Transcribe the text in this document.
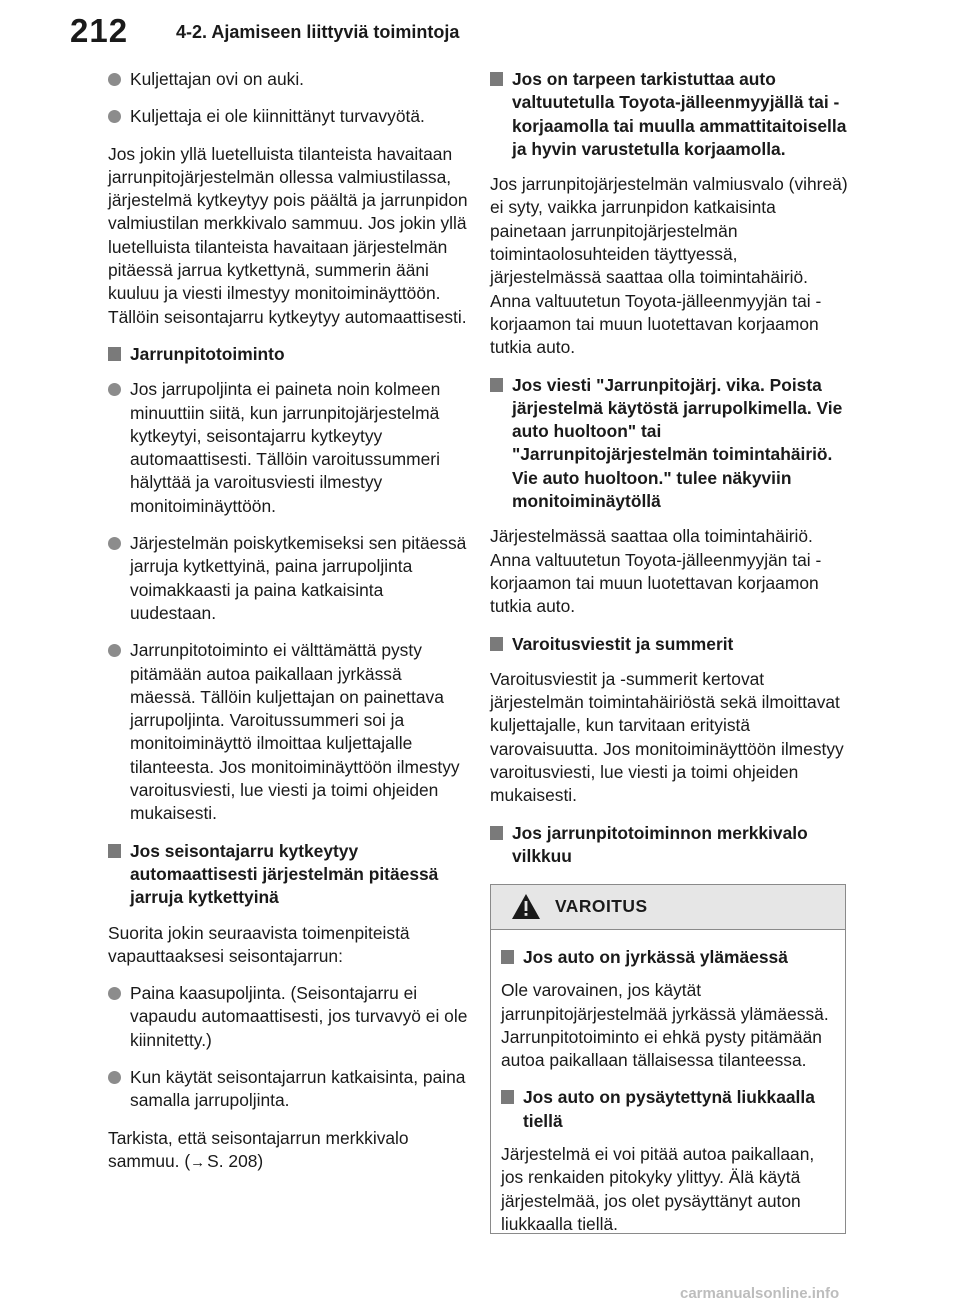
212	4-2. Ajamiseen liittyviä toimintoja
Kuljettajan ovi on auki.
Kuljettaja ei ole kiinnittänyt turvavyötä.
Jos jokin yllä luetelluista tilanteista havaitaan jarrunpitojärjestelmän ollessa valmiustilassa, järjestelmä kytkeytyy pois päältä ja jarrunpidon valmiustilan merkkivalo sammuu. Jos jokin yllä luetelluista tilanteista havaitaan järjestelmän pitäessä jarrua kytkettynä, summerin ääni kuuluu ja viesti ilmestyy monitoiminäyttöön. Tällöin seisontajarru kytkeytyy automaattisesti.
Jarrunpitotoiminto
Jos jarrupoljinta ei paineta noin kolmeen minuuttiin siitä, kun jarrunpitojärjestelmä kytkeytyi, seisontajarru kytkeytyy automaattisesti. Tällöin varoitussummeri hälyttää ja varoitusviesti ilmestyy monitoiminäyttöön.
Järjestelmän poiskytkemiseksi sen pitäessä jarruja kytkettyinä, paina jarrupoljinta voimakkaasti ja paina katkaisinta uudestaan.
Jarrunpitotoiminto ei välttämättä pysty pitämään autoa paikallaan jyrkässä mäessä. Tällöin kuljettajan on painettava jarrupoljinta. Varoitussummeri soi ja monitoiminäyttö ilmoittaa kuljettajalle tilanteesta. Jos monitoiminäyttöön ilmestyy varoitusviesti, lue viesti ja toimi ohjeiden mukaisesti.
Jos seisontajarru kytkeytyy automaattisesti järjestelmän pitäessä jarruja kytkettyinä
Suorita jokin seuraavista toimenpiteistä vapauttaaksesi seisontajarrun:
Paina kaasupoljinta. (Seisontajarru ei vapaudu automaattisesti, jos turvavyö ei ole kiinnitetty.)
Kun käytät seisontajarrun katkaisinta, paina samalla jarrupoljinta.
Tarkista, että seisontajarrun merkkivalo sammuu. (→ S. 208)
Jos on tarpeen tarkistuttaa auto valtuutetulla Toyota-jälleenmyyjällä tai -korjaamolla tai muulla ammattitaitoisella ja hyvin varustetulla korjaamolla.
Jos jarrunpitojärjestelmän valmiusvalo (vihreä) ei syty, vaikka jarrunpidon katkaisinta painetaan jarrunpitojärjestelmän toimintaolosuhteiden täyttyessä, järjestelmässä saattaa olla toimintahäiriö. Anna valtuutetun Toyota-jälleenmyyjän tai -korjaamon tai muun luotettavan korjaamon tutkia auto.
Jos viesti "Jarrunpitojärj. vika. Poista järjestelmä käytöstä jarrupolkimella. Vie auto huoltoon" tai "Jarrunpitojärjestelmän toimintahäiriö. Vie auto huoltoon." tulee näkyviin monitoiminäytöllä
Järjestelmässä saattaa olla toimintahäiriö. Anna valtuutetun Toyota-jälleenmyyjän tai -korjaamon tai muun luotettavan korjaamon tutkia auto.
Varoitusviestit ja summerit
Varoitusviestit ja -summerit kertovat järjestelmän toimintahäiriöstä sekä ilmoittavat kuljettajalle, kun tarvitaan erityistä varovaisuutta. Jos monitoiminäyttöön ilmestyy varoitusviesti, lue viesti ja toimi ohjeiden mukaisesti.
Jos jarrunpitotoiminnon merkkivalo vilkkuu
VAROITUS
Jos auto on jyrkässä ylämäessä
Ole varovainen, jos käytät jarrunpitojärjestelmää jyrkässä ylämäessä. Jarrunpitotoiminto ei ehkä pysty pitämään autoa paikallaan tällaisessa tilanteessa.
Jos auto on pysäytettynä liukkaalla tiellä
Järjestelmä ei voi pitää autoa paikallaan, jos renkaiden pitokyky ylittyy. Älä käytä järjestelmää, jos olet pysäyttänyt auton liukkaalla tiellä.
carmanualsonline.info
